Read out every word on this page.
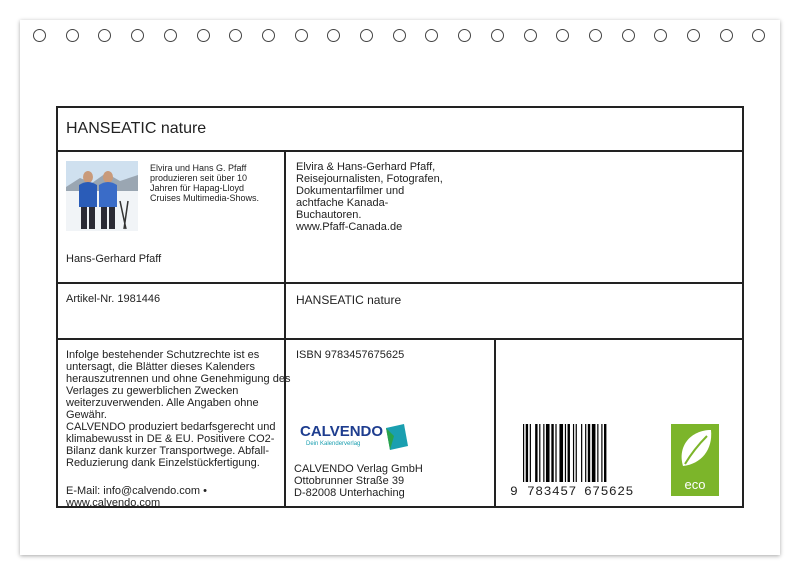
HANSEATIC nature
Elvira und Hans G. Pfaff produzieren seit über 10 Jahren für Hapag-Lloyd Cruises Multimedia-Shows.
Hans-Gerhard Pfaff
Elvira & Hans-Gerhard Pfaff,
Reisejournalisten, Fotografen,
Dokumentarfilmer und
achtfache Kanada-
Buchautoren.
www.Pfaff-Canada.de
Artikel-Nr. 1981446	HANSEATIC nature
Infolge bestehender Schutzrechte ist es
untersagt, die Blätter dieses Kalenders
herauszutrennen und ohne Genehmigung des
Verlages zu gewerblichen Zwecken
weiterzuverwenden. Alle Angaben ohne
Gewähr.
CALVENDO produziert bedarfsgerecht und
klimabewusst in DE & EU. Positivere CO2-
Bilanz dank kurzer Transportwege. Abfall-
Reduzierung dank Einzelstückfertigung.
E-Mail: info@calvendo.com •
www.calvendo.com
ISBN 9783457675625
CALVENDO
Dein Kalenderverlag
CALVENDO Verlag GmbH
Ottobrunner Straße 39
D-82008 Unterhaching	9 783457 675625	eco
